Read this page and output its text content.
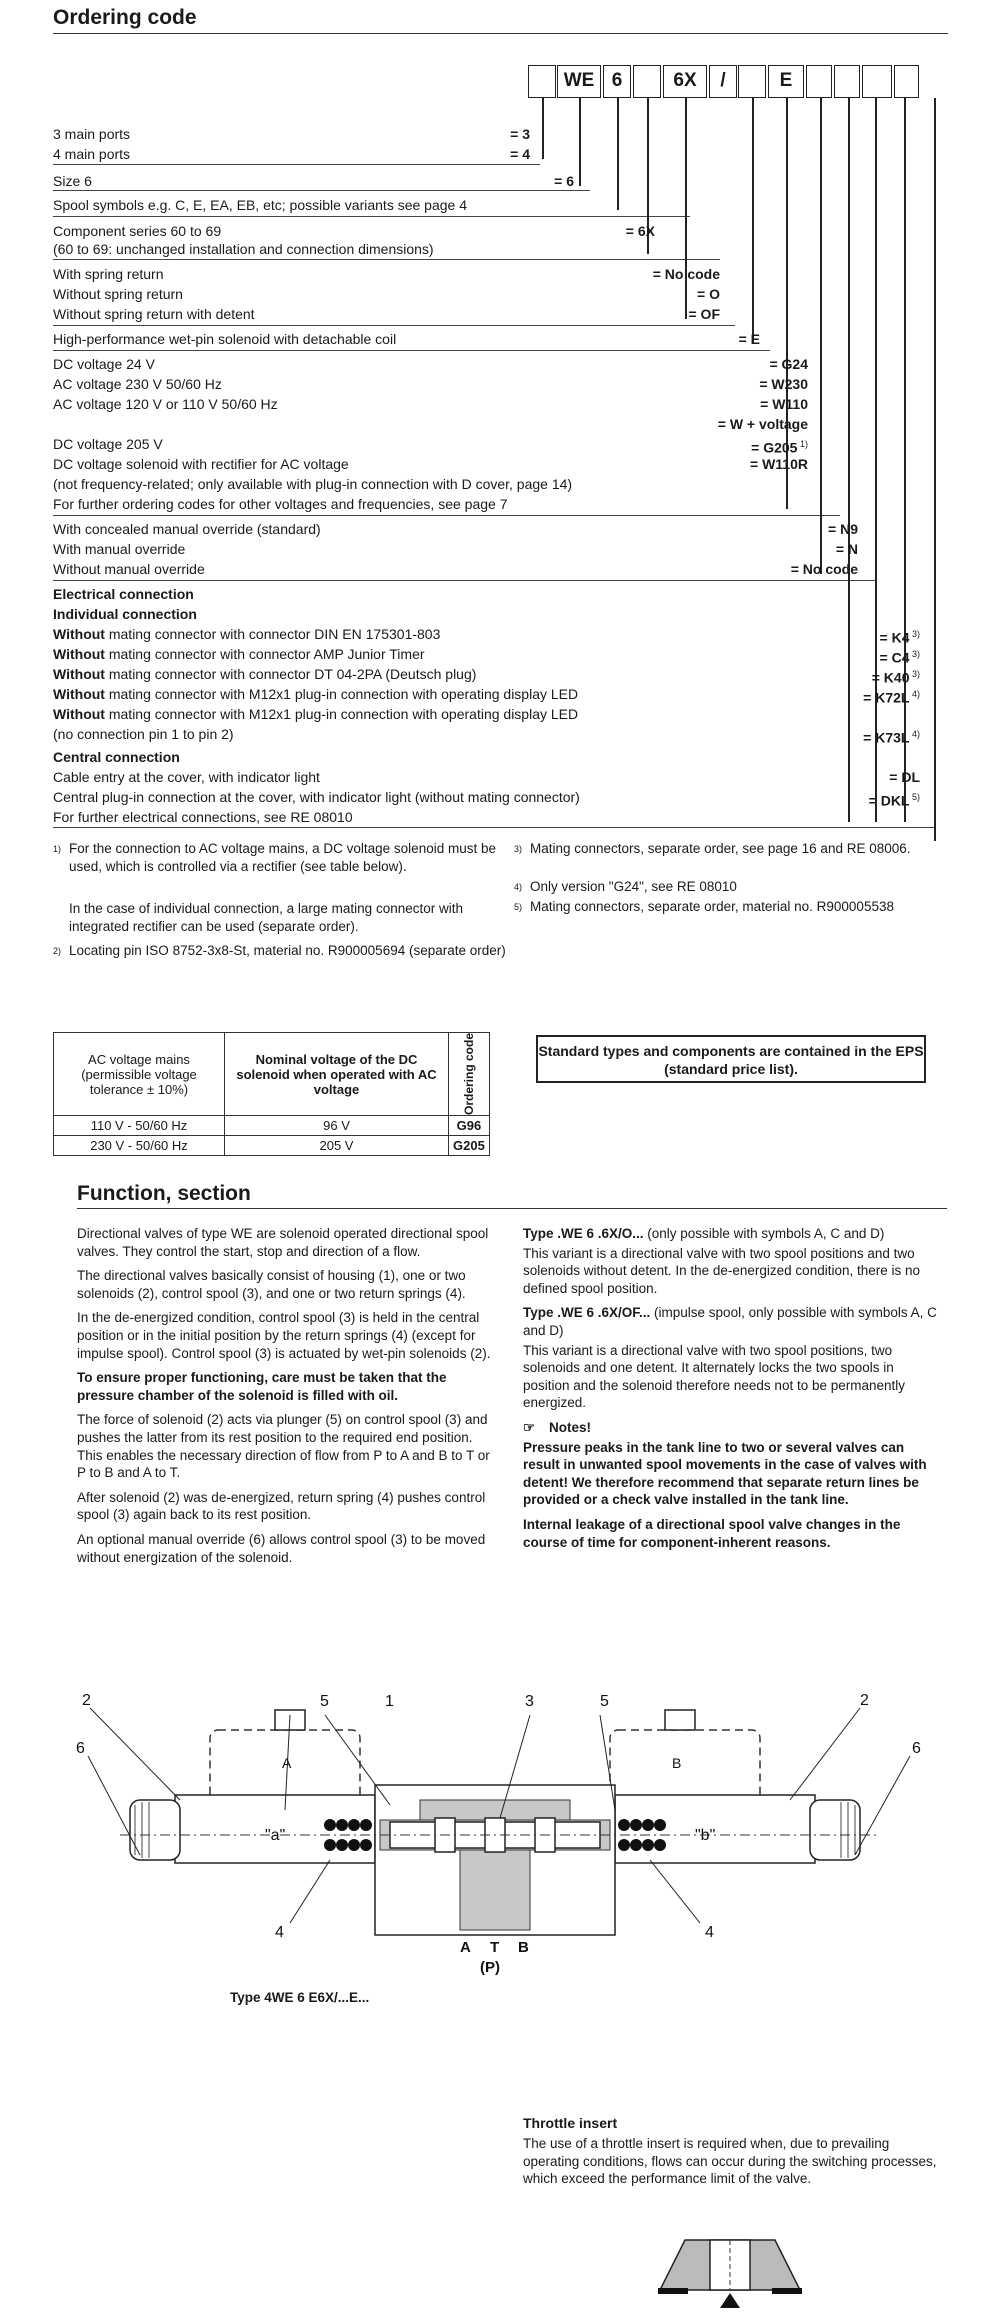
Ordering code
WE 6	6X	/	E
3 main ports	= 3
4 main ports	= 4
Size 6	= 6
Spool symbols e.g. C, E, EA, EB, etc; possible variants see page 4
Component series 60 to 69	= 6X
(60 to 69: unchanged installation and connection dimensions)
With spring return	= No code
Without spring return	= O
Without spring return with detent	= OF
High-performance wet-pin solenoid with detachable coil	= E
DC voltage 24 V	= G24
AC voltage 230 V 50/60 Hz	= W230
AC voltage 120 V or 110 V 50/60 Hz	= W110
= W + voltage
DC voltage 205 V	= G205 $^{1)}$
DC voltage solenoid with rectifier for AC voltage	= W110R
(not frequency-related; only available with plug-in connection with D cover, page 14)
For further ordering codes for other voltages and frequencies, see page 7
With concealed manual override (standard)	= N9
With manual override	= N
Without manual override	= No code
Electrical connection
Individual connection
Without mating connector with connector DIN EN 175301-803	= K4 $^{3)}$
Without mating connector with connector AMP Junior Timer	= C4 $^{3)}$
Without mating connector with connector DT 04-2PA (Deutsch plug)	= K40 $^{3)}$
Without mating connector with M12x1 plug-in connection with operating display LED	= K72L $^{4)}$
Without mating connector with M12x1 plug-in connection with operating display LED
(no connection pin 1 to pin 2)	= K73L $^{4)}$
Central connection
Cable entry at the cover, with indicator light	= DL
Central plug-in connection at the cover, with indicator light (without mating connector)	= DKL $^{5)}$
For further electrical connections, see RE 08010
1) For the connection to AC voltage mains, a DC voltage solenoid must be used, which is controlled via a rectifier (see table below).
In the case of individual connection, a large mating connector with integrated rectifier can be used (separate order).
2) Locating pin ISO 8752-3x8-St, material no. R900005694 (separate order)
3) Mating connectors, separate order, see page 16 and RE 08006.
4) Only version "G24", see RE 08010
5) Mating connectors, separate order, material no. R900005538
AC voltage mains (permissible voltage tolerance ± 10%)	Nominal voltage of the DC solenoid when operated with AC voltage	Ordering code

110 V - 50/60 Hz	96 V	G96
230 V - 50/60 Hz	205 V	G205
Standard types and components are contained in the EPS (standard price list).
Function, section

Directional valves of type WE are solenoid operated directional spool valves. They control the start, stop and direction of a flow.

The directional valves basically consist of housing (1), one or two solenoids (2), control spool (3), and one or two return springs (4).

In the de-energized condition, control spool (3) is held in the central position or in the initial position by the return springs (4) (except for impulse spool). Control spool (3) is actuated by wet-pin solenoids (2).

To ensure proper functioning, care must be taken that the pressure chamber of the solenoid is filled with oil.

The force of solenoid (2) acts via plunger (5) on control spool (3) and pushes the latter from its rest position to the required end position. This enables the necessary direction of flow from P to A and B to T or P to B and A to T.

After solenoid (2) was de-energized, return spring (4) pushes control spool (3) again back to its rest position.

An optional manual override (6) allows control spool (3) to be moved without energization of the solenoid.

Type .WE 6 .6X/O... (only possible with symbols A, C and D)

This variant is a directional valve with two spool positions and two solenoids without detent. In the de-energized condition, there is no defined spool position.

Type .WE 6 .6X/OF... (impulse spool, only possible with symbols A, C and D)

This variant is a directional valve with two spool positions, two solenoids and one detent. It alternately locks the two spools in position and the solenoid therefore needs not to be permanently energized.

☞ Notes!

Pressure peaks in the tank line to two or several valves can result in unwanted spool movements in the case of valves with detent! We therefore recommend that separate return lines be provided or a check valve installed in the tank line.

Internal leakage of a directional spool valve changes in the course of time for component-inherent reasons.

2	5	1	3	5	2
6	6
4	4
"a"	"b"
A	B
A T B
(P)
Type 4WE 6 E6X/...E...
Throttle insert
The use of a throttle insert is required when, due to prevailing operating conditions, flows can occur during the switching processes, which exceed the performance limit of the valve.
